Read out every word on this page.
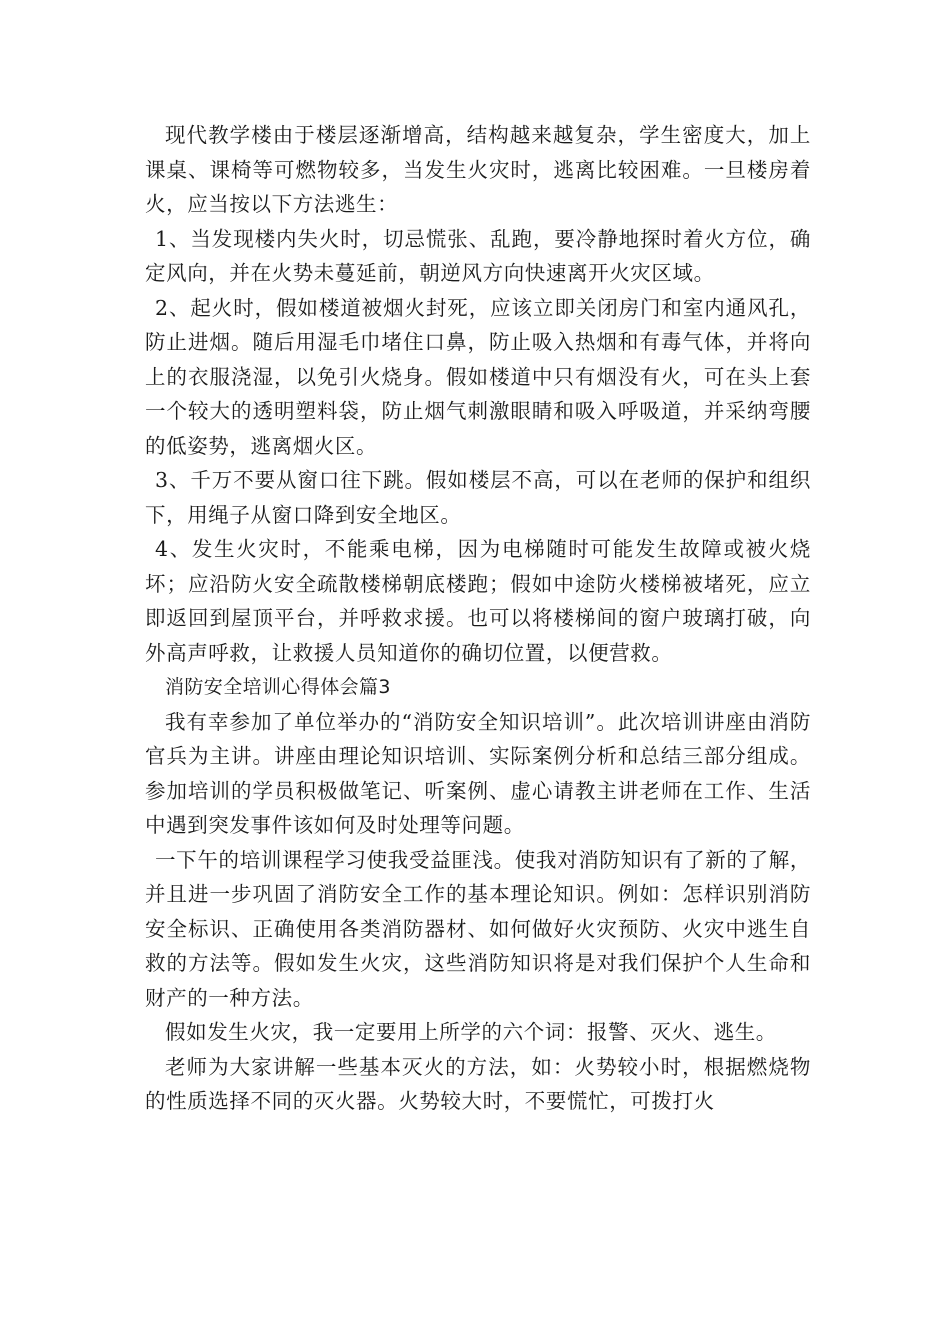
现代教学楼由于楼层逐渐增高，结构越来越复杂，学生密度大，加上课桌、课椅等可燃物较多，当发生火灾时，逃离比较困难。一旦楼房着火，应当按以下方法逃生：

1、当发现楼内失火时，切忌慌张、乱跑，要冷静地探时着火方位，确定风向，并在火势未蔓延前，朝逆风方向快速离开火灾区域。

2、起火时，假如楼道被烟火封死，应该立即关闭房门和室内通风孔，防止进烟。随后用湿毛巾堵住口鼻，防止吸入热烟和有毒气体，并将向上的衣服浇湿，以免引火烧身。假如楼道中只有烟没有火，可在头上套一个较大的透明塑料袋，防止烟气刺激眼睛和吸入呼吸道，并采纳弯腰的低姿势，逃离烟火区。

3、千万不要从窗口往下跳。假如楼层不高，可以在老师的保护和组织下，用绳子从窗口降到安全地区。

4、发生火灾时，不能乘电梯，因为电梯随时可能发生故障或被火烧坏；应沿防火安全疏散楼梯朝底楼跑；假如中途防火楼梯被堵死，应立即返回到屋顶平台，并呼救求援。也可以将楼梯间的窗户玻璃打破，向外高声呼救，让救援人员知道你的确切位置，以便营救。

消防安全培训心得体会篇3

我有幸参加了单位举办的“消防安全知识培训”。此次培训讲座由消防官兵为主讲。讲座由理论知识培训、实际案例分析和总结三部分组成。参加培训的学员积极做笔记、听案例、虚心请教主讲老师在工作、生活中遇到突发事件该如何及时处理等问题。

一下午的培训课程学习使我受益匪浅。使我对消防知识有了新的了解，并且进一步巩固了消防安全工作的基本理论知识。例如：怎样识别消防安全标识、正确使用各类消防器材、如何做好火灾预防、火灾中逃生自救的方法等。假如发生火灾，这些消防知识将是对我们保护个人生命和财产的一种方法。

假如发生火灾，我一定要用上所学的六个词：报警、灭火、逃生。

老师为大家讲解一些基本灭火的方法，如：火势较小时，根据燃烧物的性质选择不同的灭火器。火势较大时，不要慌忙，可拨打火
